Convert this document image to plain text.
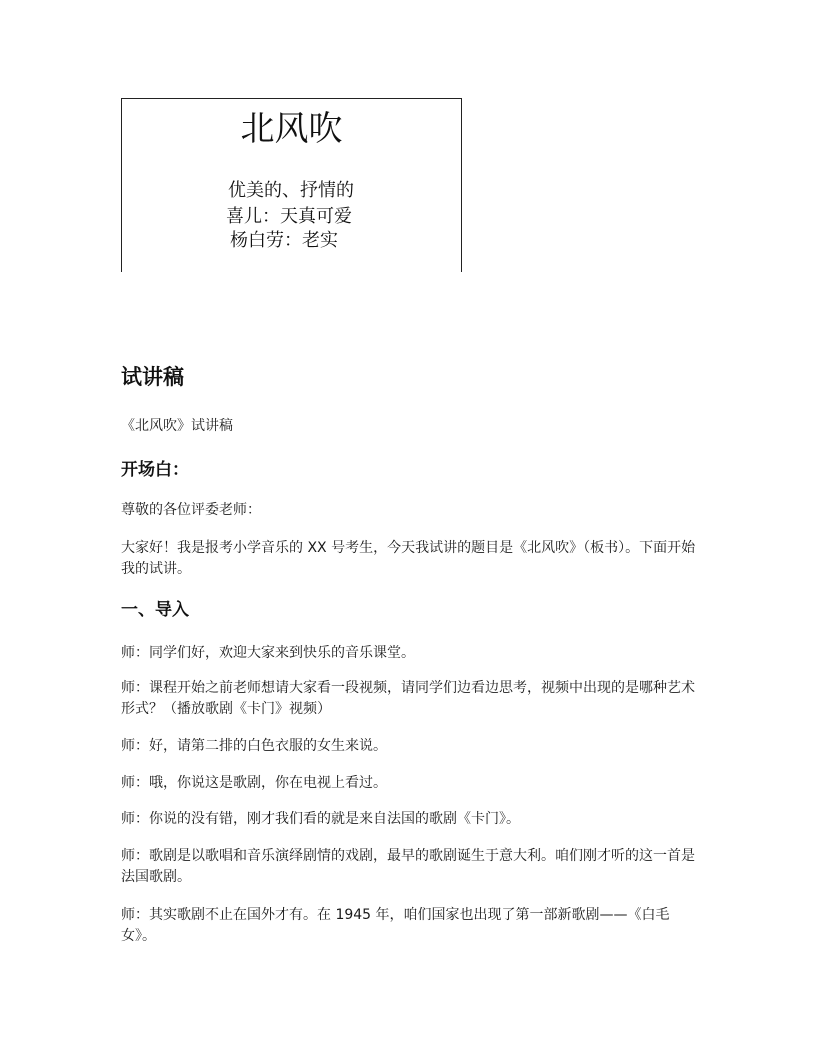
北风吹
优美的、抒情的
喜儿：天真可爱
杨白劳：老实
试讲稿
《北风吹》试讲稿
开场白：
尊敬的各位评委老师：
大家好！我是报考小学音乐的 XX 号考生，今天我试讲的题目是《北风吹》（板书）。下面开始我的试讲。
一、导入
师：同学们好，欢迎大家来到快乐的音乐课堂。
师：课程开始之前老师想请大家看一段视频，请同学们边看边思考，视频中出现的是哪种艺术形式？（播放歌剧《卡门》视频）
师：好，请第二排的白色衣服的女生来说。
师：哦，你说这是歌剧，你在电视上看过。
师：你说的没有错，刚才我们看的就是来自法国的歌剧《卡门》。
师：歌剧是以歌唱和音乐演绎剧情的戏剧，最早的歌剧诞生于意大利。咱们刚才听的这一首是法国歌剧。
师：其实歌剧不止在国外才有。在 1945 年，咱们国家也出现了第一部新歌剧——《白毛女》。
